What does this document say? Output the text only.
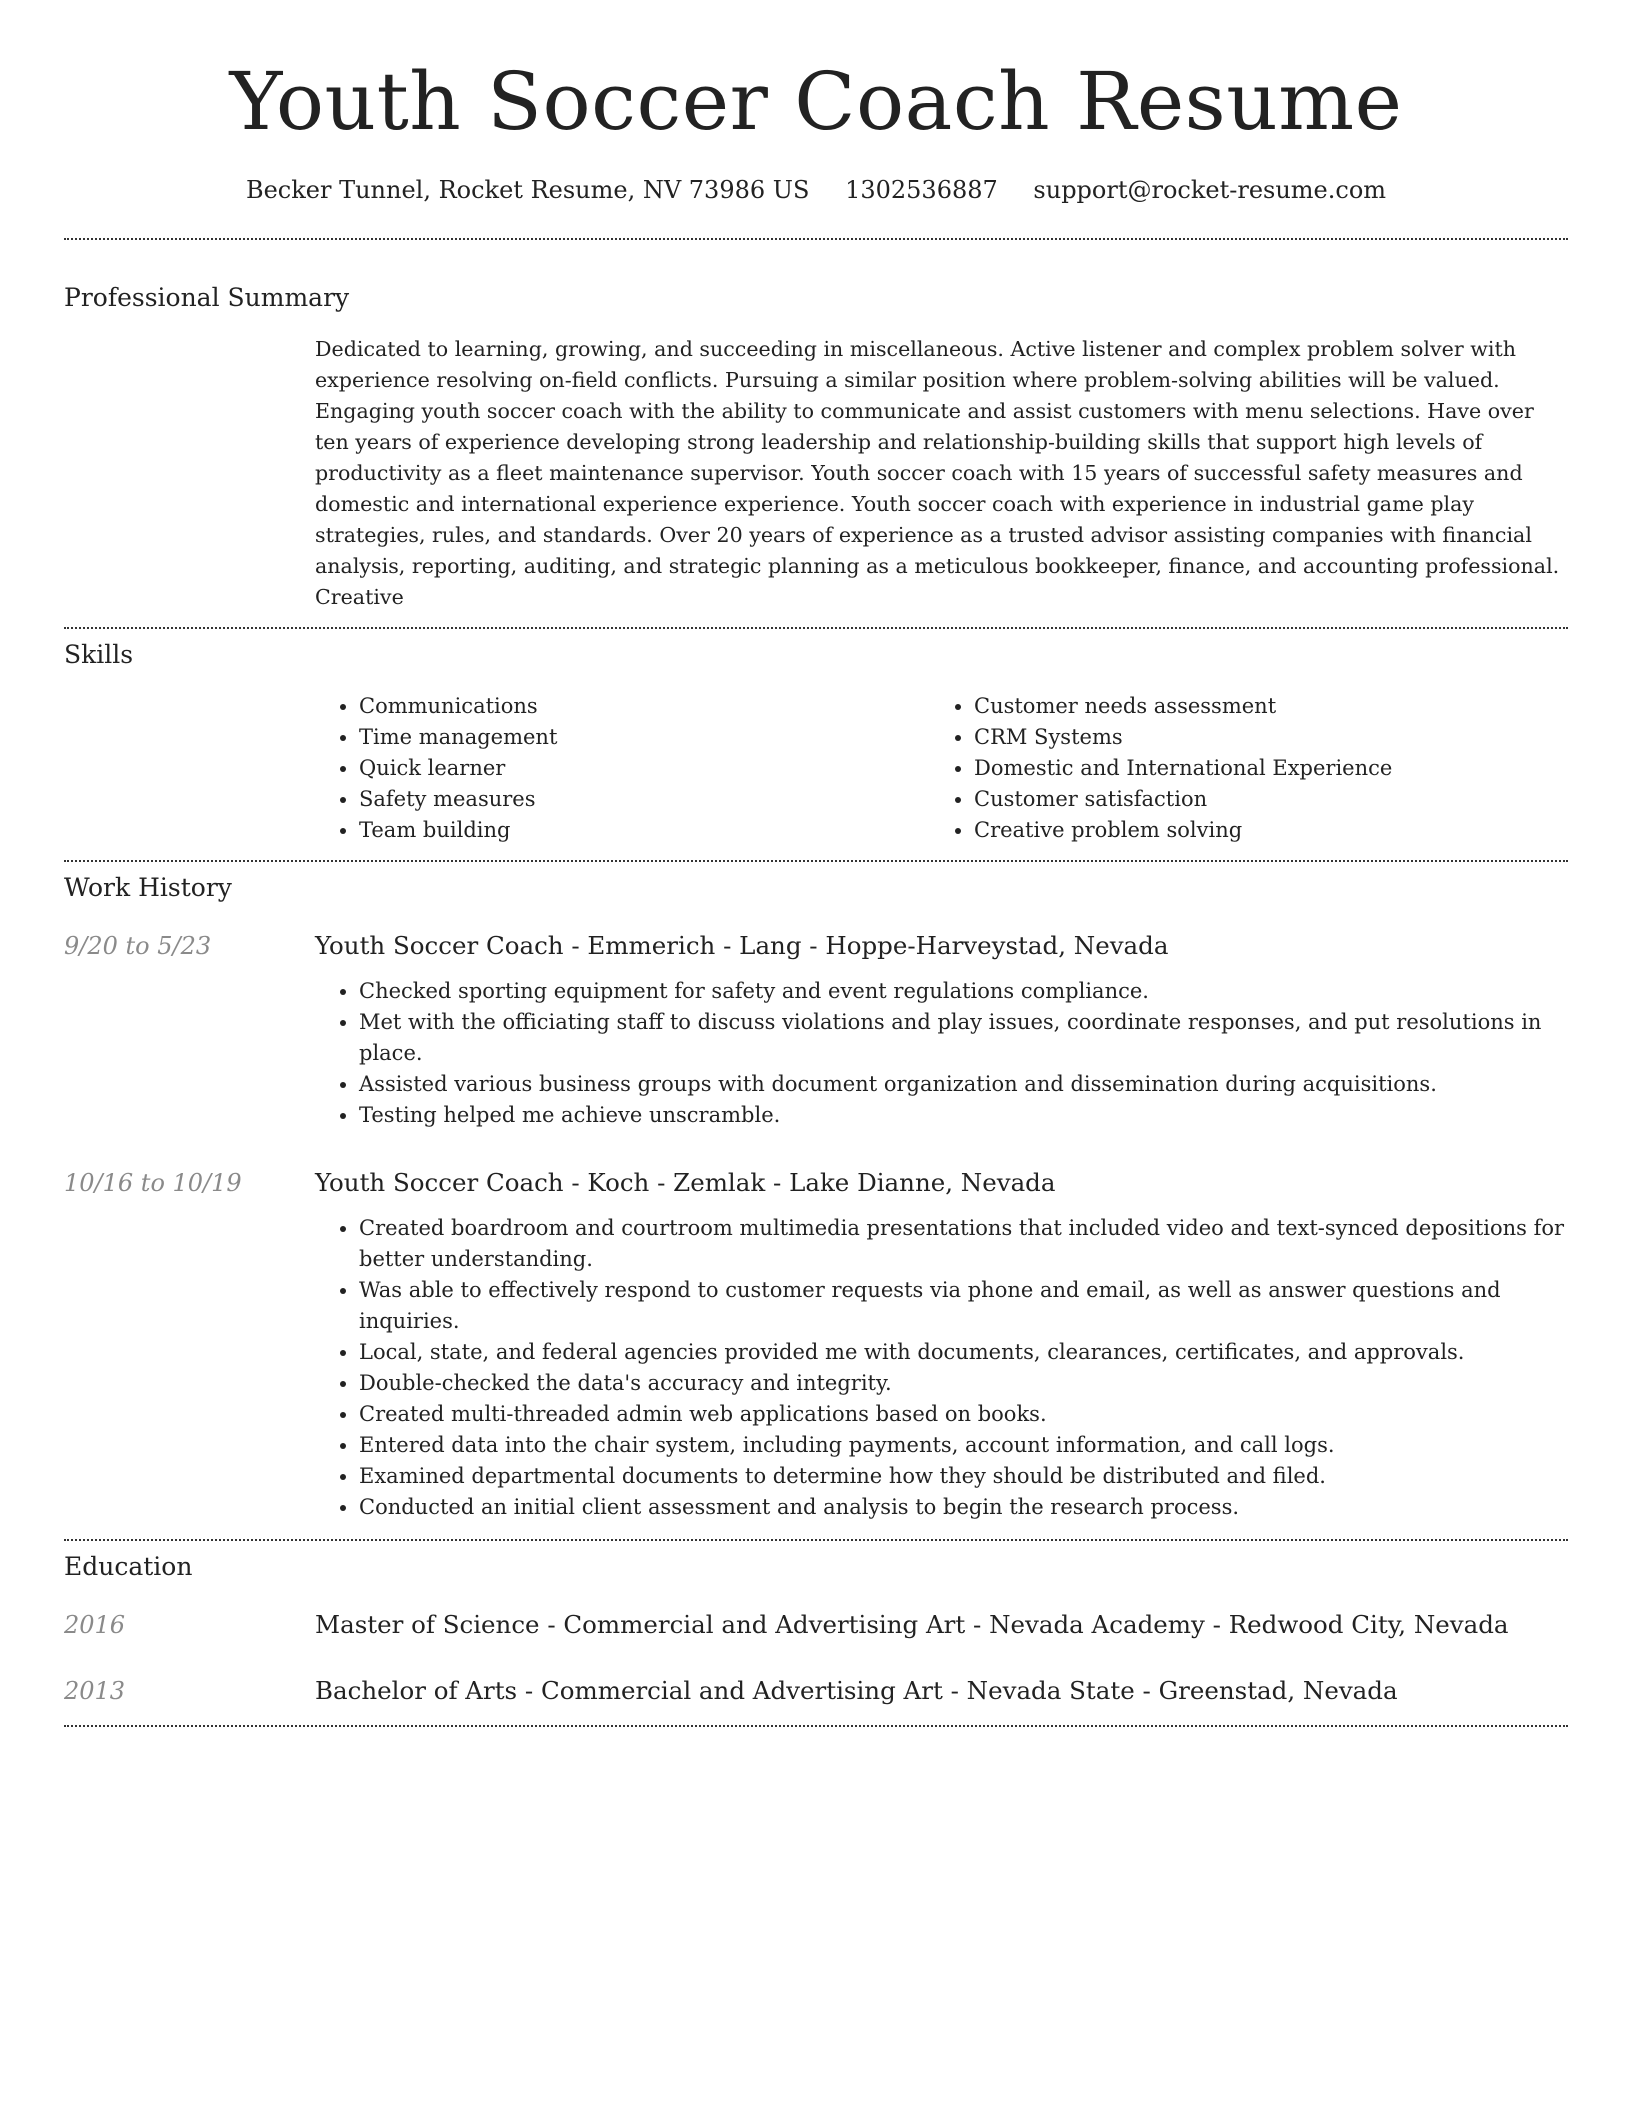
Youth Soccer Coach Resume
Becker Tunnel, Rocket Resume, NV 73986 US 1302536887 support@rocket-resume.com
Professional Summary
Dedicated to learning, growing, and succeeding in miscellaneous. Active listener and complex problem solver with experience resolving on-field conflicts. Pursuing a similar position where problem-solving abilities will be valued. Engaging youth soccer coach with the ability to communicate and assist customers with menu selections. Have over ten years of experience developing strong leadership and relationship-building skills that support high levels of productivity as a fleet maintenance supervisor. Youth soccer coach with 15 years of successful safety measures and domestic and international experience experience. Youth soccer coach with experience in industrial game play strategies, rules, and standards. Over 20 years of experience as a trusted advisor assisting companies with financial analysis, reporting, auditing, and strategic planning as a meticulous bookkeeper, finance, and accounting professional. Creative
Skills
• Communications
• Time management
• Quick learner
• Safety measures
• Team building
• Customer needs assessment
• CRM Systems
• Domestic and International Experience
• Customer satisfaction
• Creative problem solving
Work History
9/20 to 5/23	Youth Soccer Coach - Emmerich - Lang - Hoppe-Harveystad, Nevada
• Checked sporting equipment for safety and event regulations compliance.
• Met with the officiating staff to discuss violations and play issues, coordinate responses, and put resolutions in place.
• Assisted various business groups with document organization and dissemination during acquisitions.
• Testing helped me achieve unscramble.
10/16 to 10/19	Youth Soccer Coach - Koch - Zemlak - Lake Dianne, Nevada
• Created boardroom and courtroom multimedia presentations that included video and text-synced depositions for better understanding.
• Was able to effectively respond to customer requests via phone and email, as well as answer questions and inquiries.
• Local, state, and federal agencies provided me with documents, clearances, certificates, and approvals.
• Double-checked the data's accuracy and integrity.
• Created multi-threaded admin web applications based on books.
• Entered data into the chair system, including payments, account information, and call logs.
• Examined departmental documents to determine how they should be distributed and filed.
• Conducted an initial client assessment and analysis to begin the research process.
Education
2016	Master of Science - Commercial and Advertising Art - Nevada Academy - Redwood City, Nevada
2013	Bachelor of Arts - Commercial and Advertising Art - Nevada State - Greenstad, Nevada
